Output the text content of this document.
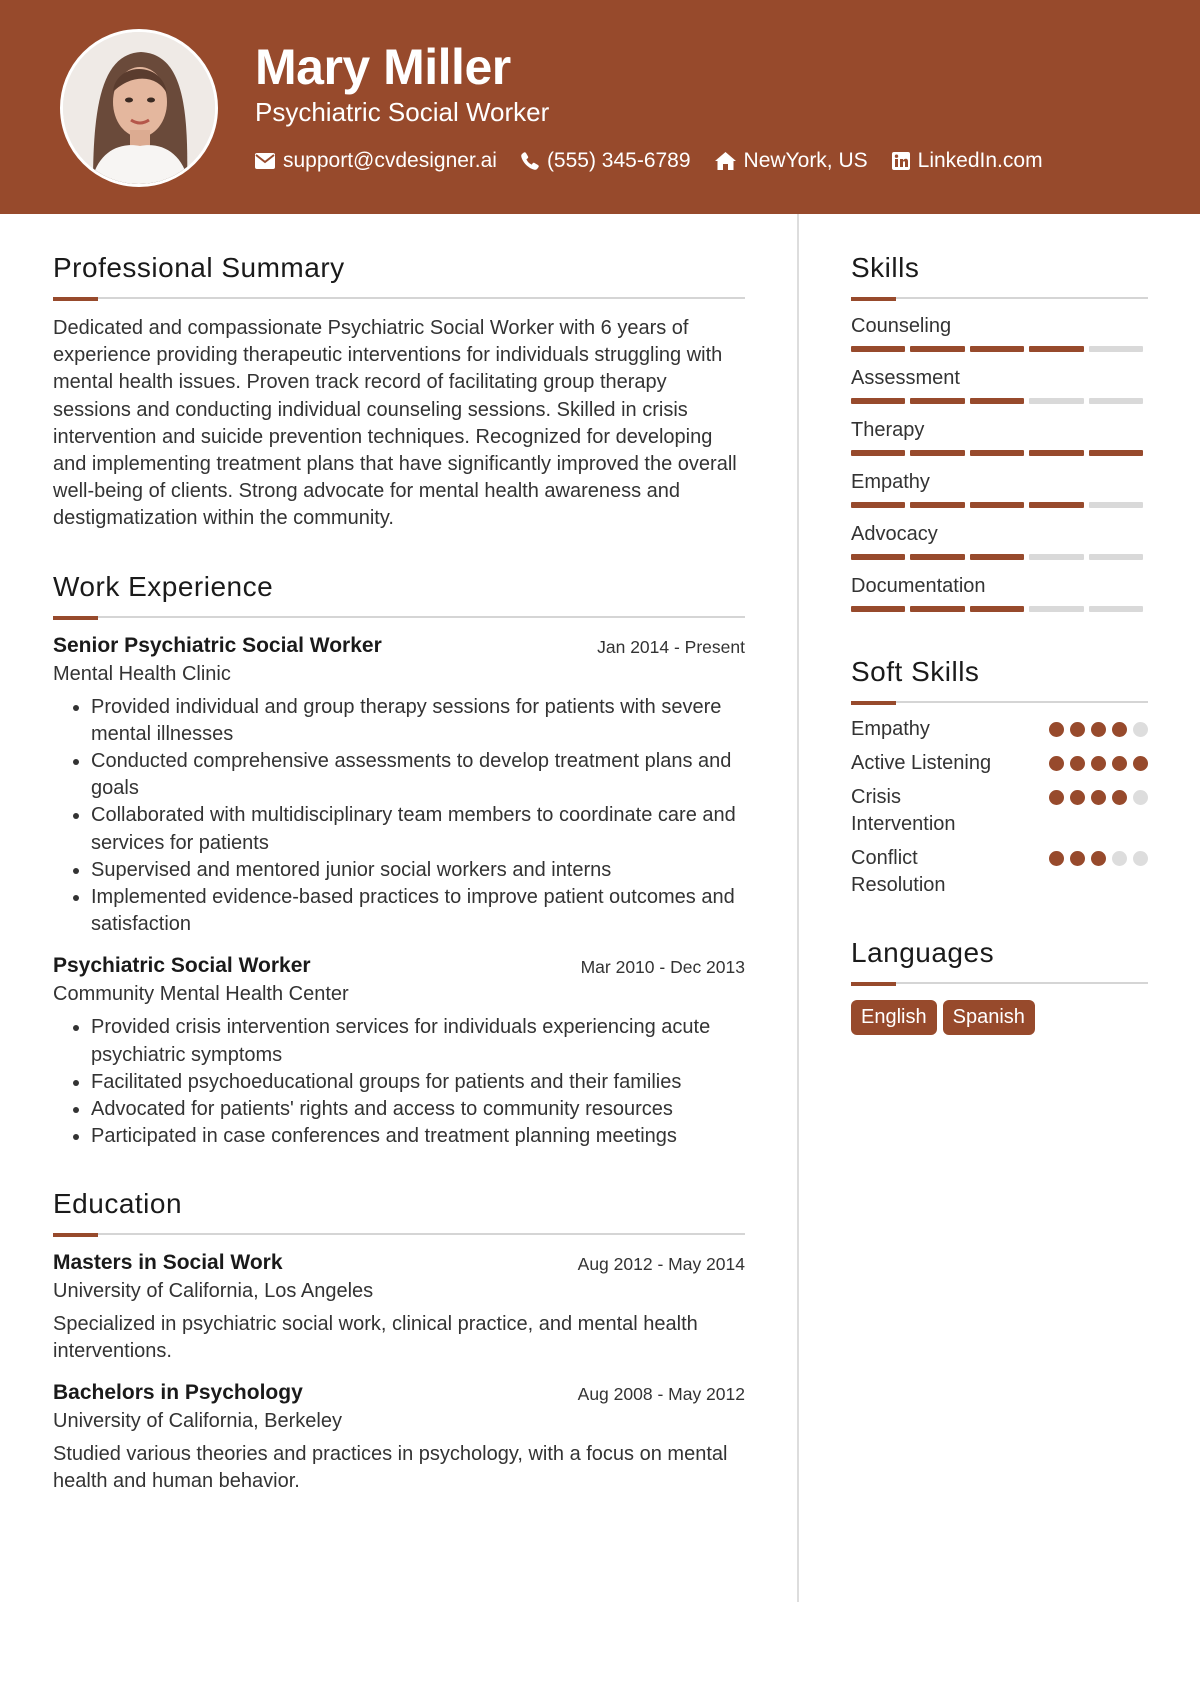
Mary Miller
Psychiatric Social Worker
support@cvdesigner.ai (555) 345-6789	NewYork, US LinkedIn.com
Professional Summary
Dedicated and compassionate Psychiatric Social Worker with 6 years of experience providing therapeutic interventions for individuals struggling with mental health issues. Proven track record of facilitating group therapy sessions and conducting individual counseling sessions. Skilled in crisis intervention and suicide prevention techniques. Recognized for developing and implementing treatment plans that have significantly improved the overall well-being of clients. Strong advocate for mental health awareness and destigmatization within the community.
Work Experience
Senior Psychiatric Social Worker	Jan 2014 - Present
Mental Health Clinic
• Provided individual and group therapy sessions for patients with severe mental illnesses
• Conducted comprehensive assessments to develop treatment plans and goals
• Collaborated with multidisciplinary team members to coordinate care and services for patients
• Supervised and mentored junior social workers and interns
• Implemented evidence-based practices to improve patient outcomes and satisfaction
Psychiatric Social Worker	Mar 2010 - Dec 2013
Community Mental Health Center
• Provided crisis intervention services for individuals experiencing acute psychiatric symptoms
• Facilitated psychoeducational groups for patients and their families
• Advocated for patients' rights and access to community resources
• Participated in case conferences and treatment planning meetings
Education
Masters in Social Work	Aug 2012 - May 2014
University of California, Los Angeles
Specialized in psychiatric social work, clinical practice, and mental health interventions.
Bachelors in Psychology	Aug 2008 - May 2012
University of California, Berkeley
Studied various theories and practices in psychology, with a focus on mental health and human behavior.
Skills
Counseling
Assessment
Therapy
Empathy
Advocacy
Documentation
Soft Skills
Empathy
Active Listening
Crisis Intervention
Conflict Resolution
Languages
English	Spanish
